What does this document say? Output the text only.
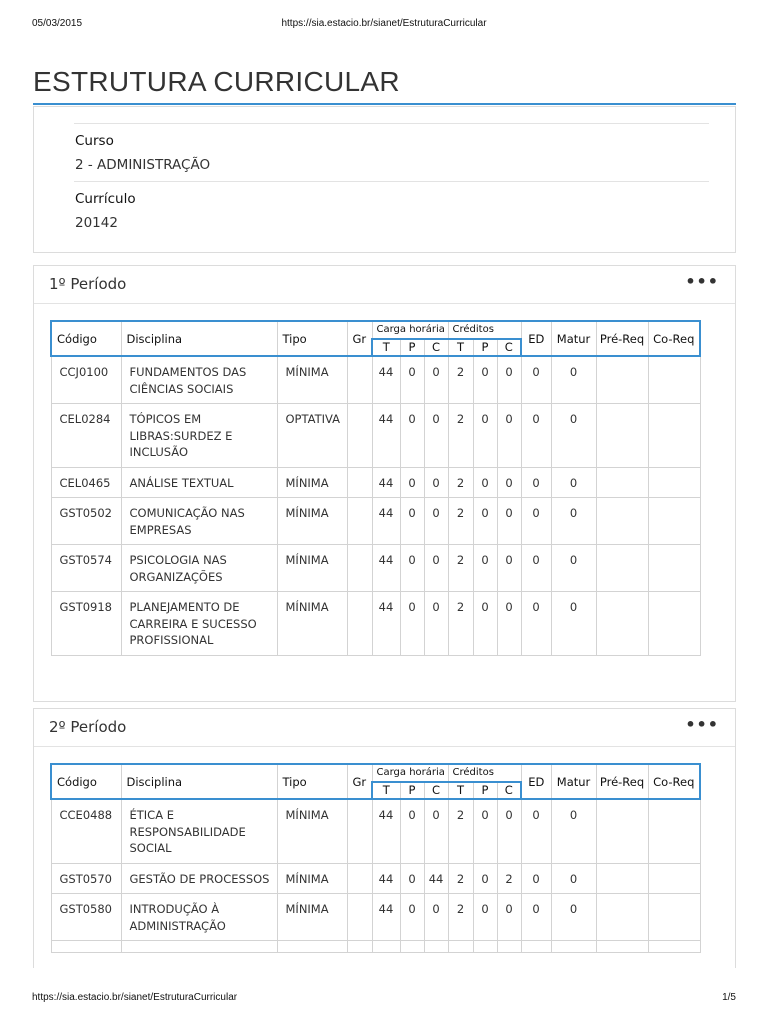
05/03/2015	https://sia.estacio.br/sianet/EstruturaCurricular
ESTRUTURA CURRICULAR
Curso
2 - ADMINISTRAÇÃO
Currículo
20142
1º Período	•••
Código	Disciplina	Tipo	Gr	Carga horária			Créditos			ED	Matur	Pré-Req	Co-Req
				T	P	C	T	P	C				
CCJ0100	FUNDAMENTOS DAS CIÊNCIAS SOCIAIS	MÍNIMA		44	0	0	2	0	0	0	0		
CEL0284	TÓPICOS EM LIBRAS:SURDEZ E INCLUSÃO	OPTATIVA		44	0	0	2	0	0	0	0		
CEL0465	ANÁLISE TEXTUAL	MÍNIMA		44	0	0	2	0	0	0	0		
GST0502	COMUNICAÇÃO NAS EMPRESAS	MÍNIMA		44	0	0	2	0	0	0	0		
GST0574	PSICOLOGIA NAS ORGANIZAÇÕES	MÍNIMA		44	0	0	2	0	0	0	0		
GST0918	PLANEJAMENTO DE CARREIRA E SUCESSO PROFISSIONAL	MÍNIMA		44	0	0	2	0	0	0	0		
2º Período	•••
Código	Disciplina	Tipo	Gr	Carga horária			Créditos			ED	Matur	Pré-Req	Co-Req
				T	P	C	T	P	C				
CCE0488	ÉTICA E RESPONSABILIDADE SOCIAL	MÍNIMA		44	0	0	2	0	0	0	0		
GST0570	GESTÃO DE PROCESSOS	MÍNIMA		44	0	44	2	0	2	0	0		
GST0580	INTRODUÇÃO À ADMINISTRAÇÃO	MÍNIMA		44	0	0	2	0	0	0	0		

https://sia.estacio.br/sianet/EstruturaCurricular	1/5
